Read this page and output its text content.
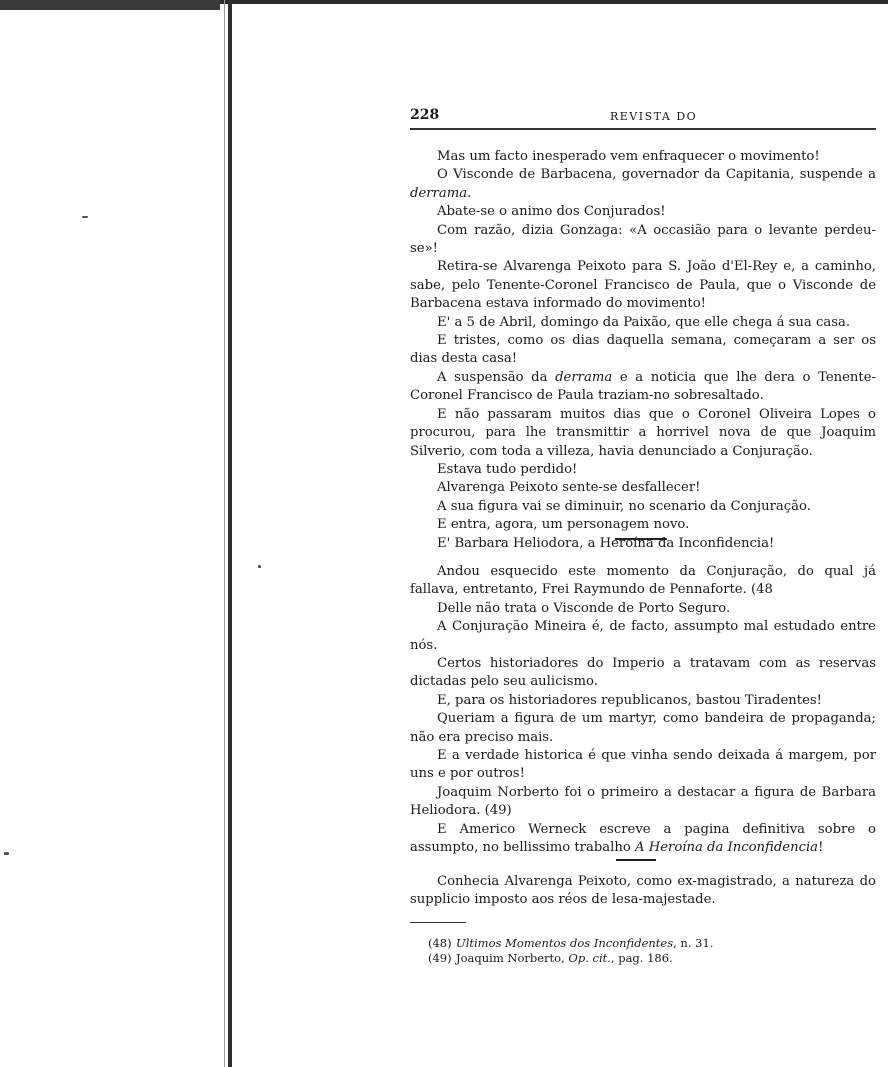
228	REVISTA DO

Mas um facto inesperado vem enfraquecer o movimento!

O Visconde de Barbacena, governador da Capitania, suspende a derrama.

Abate-se o animo dos Conjurados!

Com razão, dizia Gonzaga: «A occasião para o levante perdeu-se»!

Retira-se Alvarenga Peixoto para S. João d'El-Rey e, a caminho, sabe, pelo Tenente-Coronel Francisco de Paula, que o Visconde de Barbacena estava informado do movimento!

E' a 5 de Abril, domingo da Paixão, que elle chega á sua casa.

E tristes, como os dias daquella semana, começaram a ser os dias desta casa!

A suspensão da derrama e a noticia que lhe dera o Tenente-Coronel Francisco de Paula traziam-no sobresaltado.

E não passaram muitos dias que o Coronel Oliveira Lopes o procurou, para lhe transmittir a horrivel nova de que Joaquim Silverio, com toda a villeza, havia denunciado a Conjuração.

Estava tudo perdido!

Alvarenga Peixoto sente-se desfallecer!

A sua figura vai se diminuir, no scenario da Conjuração.

E entra, agora, um personagem novo.

E' Barbara Heliodora, a Heroína da Inconfidencia!

Andou esquecido este momento da Conjuração, do qual já fallava, entretanto, Frei Raymundo de Pennaforte. (48

Delle não trata o Visconde de Porto Seguro.

A Conjuração Mineira é, de facto, assumpto mal estudado entre nós.

Certos historiadores do Imperio a tratavam com as reservas dictadas pelo seu aulicismo.

E, para os historiadores republicanos, bastou Tiradentes!

Queriam a figura de um martyr, como bandeira de propaganda; não era preciso mais.

E a verdade historica é que vinha sendo deixada á margem, por uns e por outros!

Joaquim Norberto foi o primeiro a destacar a figura de Barbara Heliodora. (49)

E Americo Werneck escreve a pagina definitiva sobre o assumpto, no bellissimo trabalho A Heroína da Inconfidencia!

Conhecia Alvarenga Peixoto, como ex-magistrado, a natureza do supplicio imposto aos réos de lesa-majestade.

(48) Ultimos Momentos dos Inconfidentes, n. 31.

(49) Joaquim Norberto, Op. cit., pag. 186.
